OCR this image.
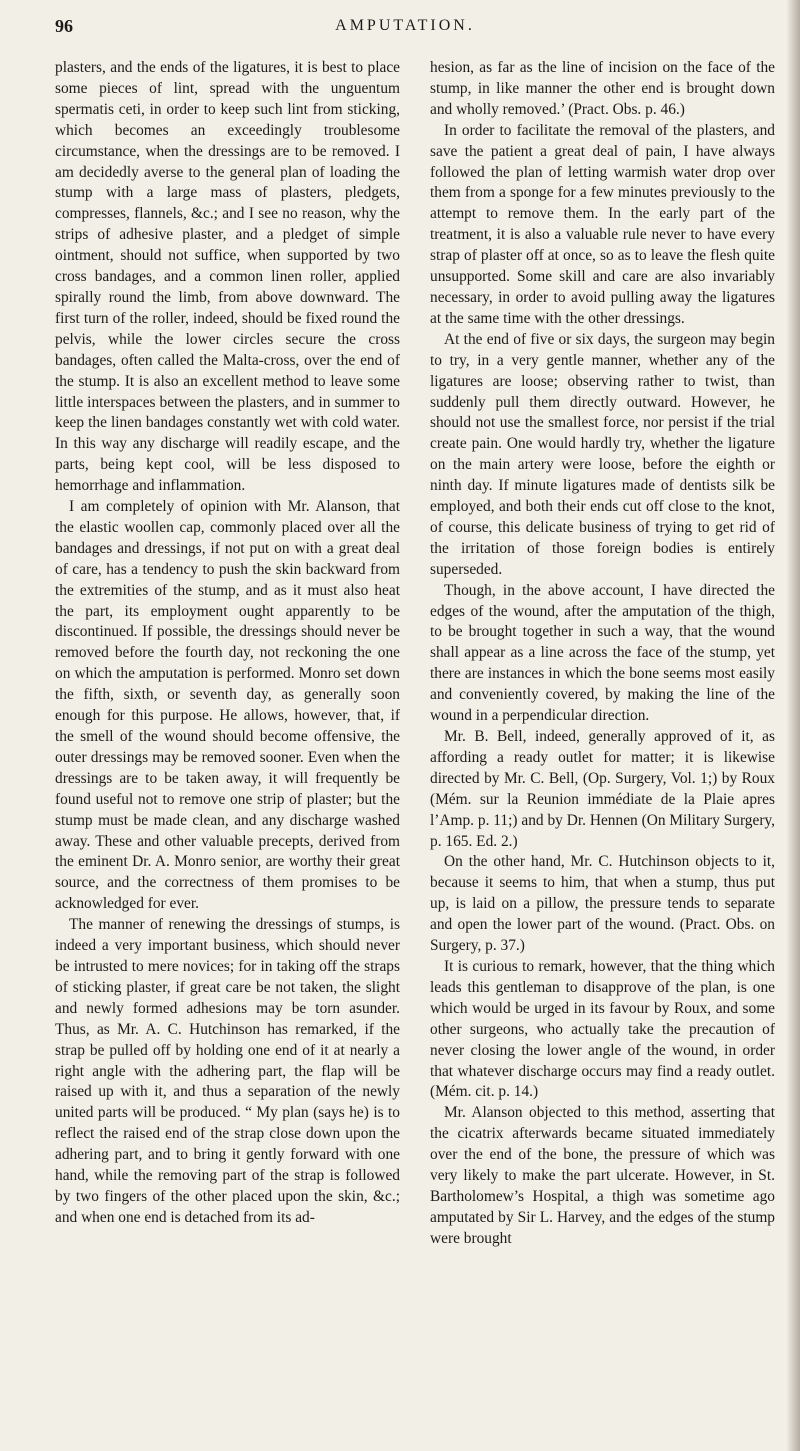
96	AMPUTATION.

plasters, and the ends of the ligatures, it is best to place some pieces of lint, spread with the unguentum spermatis ceti, in order to keep such lint from sticking, which becomes an exceedingly troublesome circumstance, when the dressings are to be removed. I am decidedly averse to the general plan of loading the stump with a large mass of plasters, pledgets, compresses, flannels, &c.; and I see no reason, why the strips of adhesive plaster, and a pledget of simple ointment, should not suffice, when supported by two cross bandages, and a common linen roller, applied spirally round the limb, from above downward. The first turn of the roller, indeed, should be fixed round the pelvis, while the lower circles secure the cross bandages, often called the Malta-cross, over the end of the stump. It is also an excellent method to leave some little interspaces between the plasters, and in summer to keep the linen bandages constantly wet with cold water. In this way any discharge will readily escape, and the parts, being kept cool, will be less disposed to hemorrhage and inflammation.

I am completely of opinion with Mr. Alanson, that the elastic woollen cap, commonly placed over all the bandages and dressings, if not put on with a great deal of care, has a tendency to push the skin backward from the extremities of the stump, and as it must also heat the part, its employment ought apparently to be discontinued. If possible, the dressings should never be removed before the fourth day, not reckoning the one on which the amputation is performed. Monro set down the fifth, sixth, or seventh day, as generally soon enough for this purpose. He allows, however, that, if the smell of the wound should become offensive, the outer dressings may be removed sooner. Even when the dressings are to be taken away, it will frequently be found useful not to remove one strip of plaster; but the stump must be made clean, and any discharge washed away. These and other valuable precepts, derived from the eminent Dr. A. Monro senior, are worthy their great source, and the correctness of them promises to be acknowledged for ever.

The manner of renewing the dressings of stumps, is indeed a very important business, which should never be intrusted to mere novices; for in taking off the straps of sticking plaster, if great care be not taken, the slight and newly formed adhesions may be torn asunder. Thus, as Mr. A. C. Hutchinson has remarked, if the strap be pulled off by holding one end of it at nearly a right angle with the adhering part, the flap will be raised up with it, and thus a separation of the newly united parts will be produced. “ My plan (says he) is to reflect the raised end of the strap close down upon the adhering part, and to bring it gently forward with one hand, while the removing part of the strap is followed by two fingers of the other placed upon the skin, &c.; and when one end is detached from its ad-

hesion, as far as the line of incision on the face of the stump, in like manner the other end is brought down and wholly removed.’ (Pract. Obs. p. 46.)

In order to facilitate the removal of the plasters, and save the patient a great deal of pain, I have always followed the plan of letting warmish water drop over them from a sponge for a few minutes previously to the attempt to remove them. In the early part of the treatment, it is also a valuable rule never to have every strap of plaster off at once, so as to leave the flesh quite unsupported. Some skill and care are also invariably necessary, in order to avoid pulling away the ligatures at the same time with the other dressings.

At the end of five or six days, the surgeon may begin to try, in a very gentle manner, whether any of the ligatures are loose; observing rather to twist, than suddenly pull them directly outward. However, he should not use the smallest force, nor persist if the trial create pain. One would hardly try, whether the ligature on the main artery were loose, before the eighth or ninth day. If minute ligatures made of dentists silk be employed, and both their ends cut off close to the knot, of course, this delicate business of trying to get rid of the irritation of those foreign bodies is entirely superseded.

Though, in the above account, I have directed the edges of the wound, after the amputation of the thigh, to be brought together in such a way, that the wound shall appear as a line across the face of the stump, yet there are instances in which the bone seems most easily and conveniently covered, by making the line of the wound in a perpendicular direction.

Mr. B. Bell, indeed, generally approved of it, as affording a ready outlet for matter; it is likewise directed by Mr. C. Bell, (Op. Surgery, Vol. 1;) by Roux (Mém. sur la Reunion immédiate de la Plaie apres l’Amp. p. 11;) and by Dr. Hennen (On Military Surgery, p. 165. Ed. 2.)

On the other hand, Mr. C. Hutchinson objects to it, because it seems to him, that when a stump, thus put up, is laid on a pillow, the pressure tends to separate and open the lower part of the wound. (Pract. Obs. on Surgery, p. 37.)

It is curious to remark, however, that the thing which leads this gentleman to disapprove of the plan, is one which would be urged in its favour by Roux, and some other surgeons, who actually take the precaution of never closing the lower angle of the wound, in order that whatever discharge occurs may find a ready outlet. (Mém. cit. p. 14.)

Mr. Alanson objected to this method, asserting that the cicatrix afterwards became situated immediately over the end of the bone, the pressure of which was very likely to make the part ulcerate. However, in St. Bartholomew’s Hospital, a thigh was sometime ago amputated by Sir L. Harvey, and the edges of the stump were brought
